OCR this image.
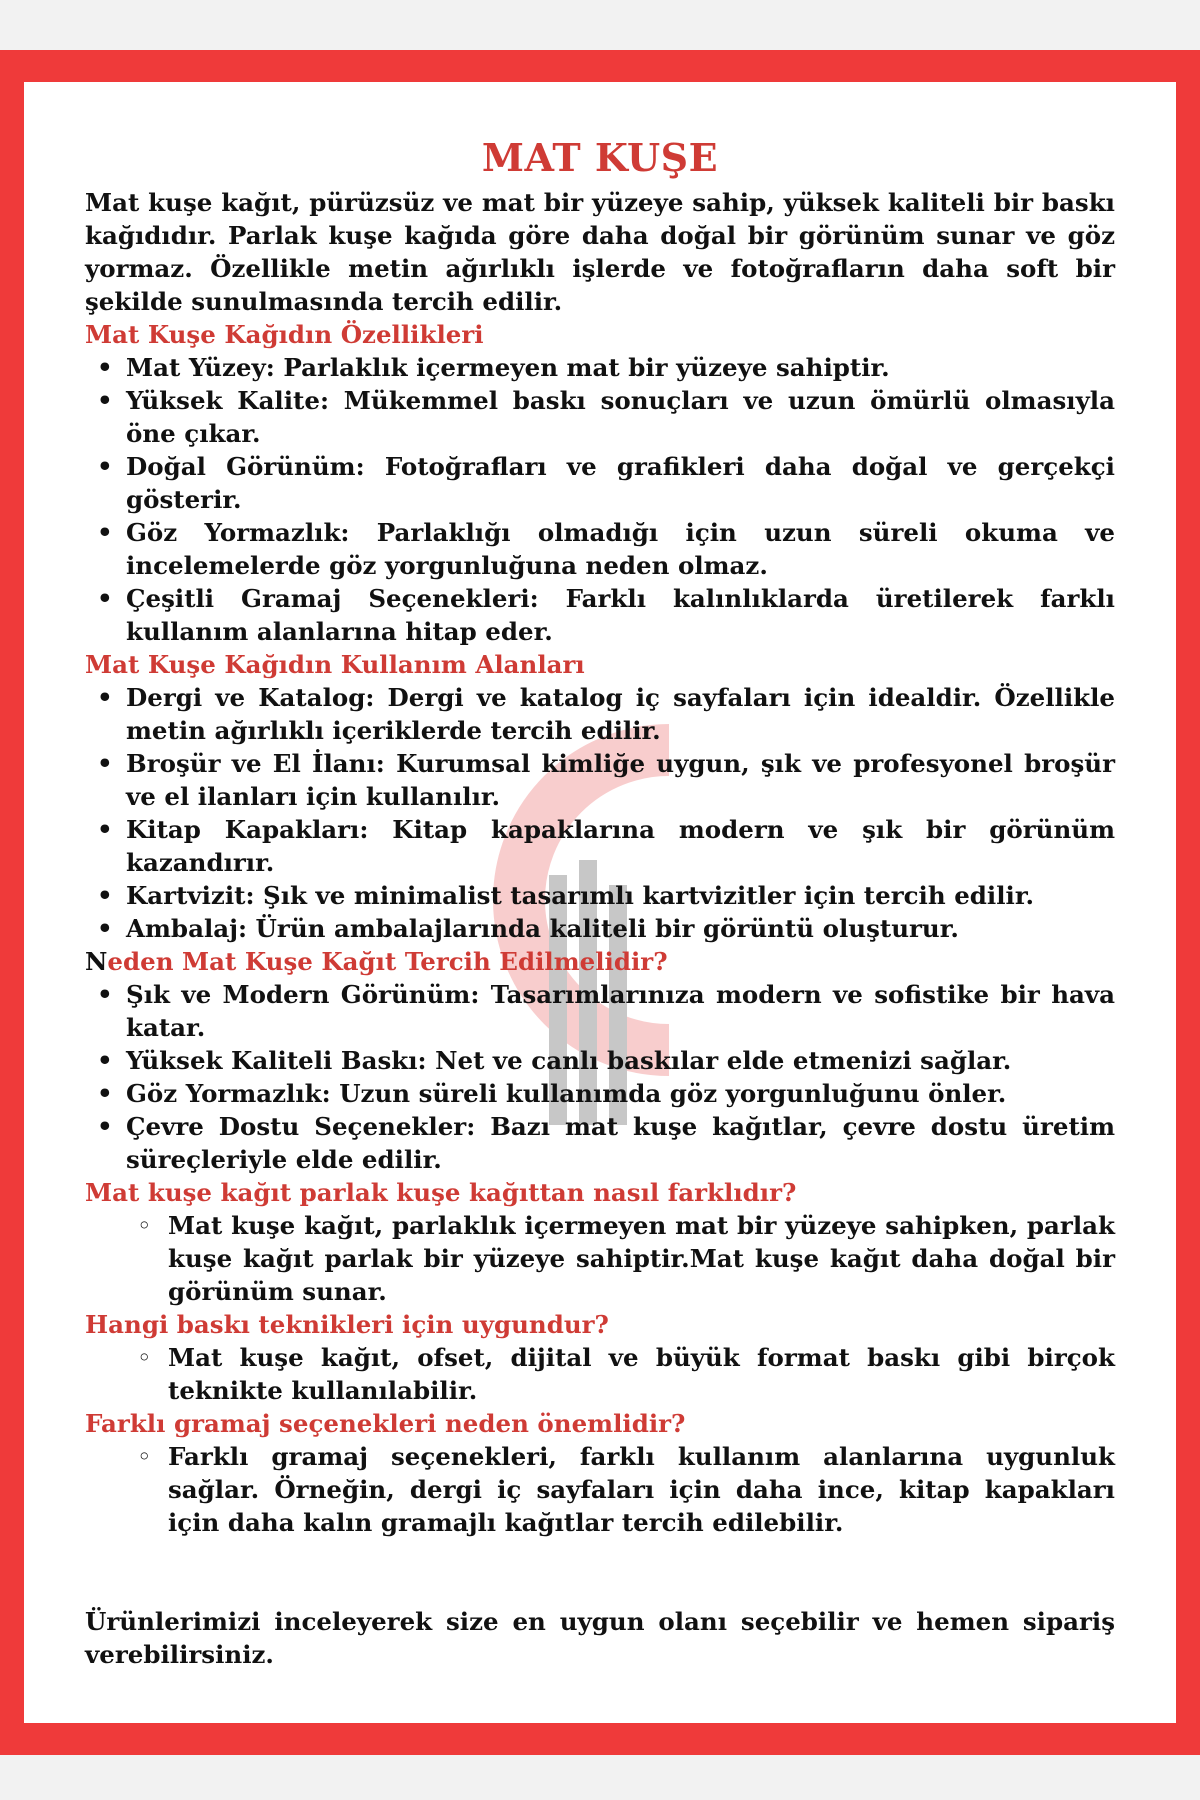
MAT KUŞE

Mat kuşe kağıt, pürüzsüz ve mat bir yüzeye sahip, yüksek kaliteli bir baskı kağıdıdır. Parlak kuşe kağıda göre daha doğal bir görünüm sunar ve göz yormaz. Özellikle metin ağırlıklı işlerde ve fotoğrafların daha soft bir şekilde sunulmasında tercih edilir.

Mat Kuşe Kağıdın Özellikleri
• Mat Yüzey: Parlaklık içermeyen mat bir yüzeye sahiptir.
• Yüksek Kalite: Mükemmel baskı sonuçları ve uzun ömürlü olmasıyla öne çıkar.
• Doğal Görünüm: Fotoğrafları ve grafikleri daha doğal ve gerçekçi gösterir.
• Göz Yormazlık: Parlaklığı olmadığı için uzun süreli okuma ve incelemelerde göz yorgunluğuna neden olmaz.
• Çeşitli Gramaj Seçenekleri: Farklı kalınlıklarda üretilerek farklı kullanım alanlarına hitap eder.
Mat Kuşe Kağıdın Kullanım Alanları
• Dergi ve Katalog: Dergi ve katalog iç sayfaları için idealdir. Özellikle metin ağırlıklı içeriklerde tercih edilir.
• Broşür ve El İlanı: Kurumsal kimliğe uygun, şık ve profesyonel broşür ve el ilanları için kullanılır.
• Kitap Kapakları: Kitap kapaklarına modern ve şık bir görünüm kazandırır.
• Kartvizit: Şık ve minimalist tasarımlı kartvizitler için tercih edilir.
• Ambalaj: Ürün ambalajlarında kaliteli bir görüntü oluşturur.
Neden Mat Kuşe Kağıt Tercih Edilmelidir?
• Şık ve Modern Görünüm: Tasarımlarınıza modern ve sofistike bir hava katar.
• Yüksek Kaliteli Baskı: Net ve canlı baskılar elde etmenizi sağlar.
• Göz Yormazlık: Uzun süreli kullanımda göz yorgunluğunu önler.
• Çevre Dostu Seçenekler: Bazı mat kuşe kağıtlar, çevre dostu üretim süreçleriyle elde edilir.
Mat kuşe kağıt parlak kuşe kağıttan nasıl farklıdır?
◦ Mat kuşe kağıt, parlaklık içermeyen mat bir yüzeye sahipken, parlak kuşe kağıt parlak bir yüzeye sahiptir.Mat kuşe kağıt daha doğal bir görünüm sunar.
Hangi baskı teknikleri için uygundur?
◦ Mat kuşe kağıt, ofset, dijital ve büyük format baskı gibi birçok teknikte kullanılabilir.
Farklı gramaj seçenekleri neden önemlidir?
◦ Farklı gramaj seçenekleri, farklı kullanım alanlarına uygunluk sağlar. Örneğin, dergi iç sayfaları için daha ince, kitap kapakları için daha kalın gramajlı kağıtlar tercih edilebilir.

Ürünlerimizi inceleyerek size en uygun olanı seçebilir ve hemen sipariş verebilirsiniz.
